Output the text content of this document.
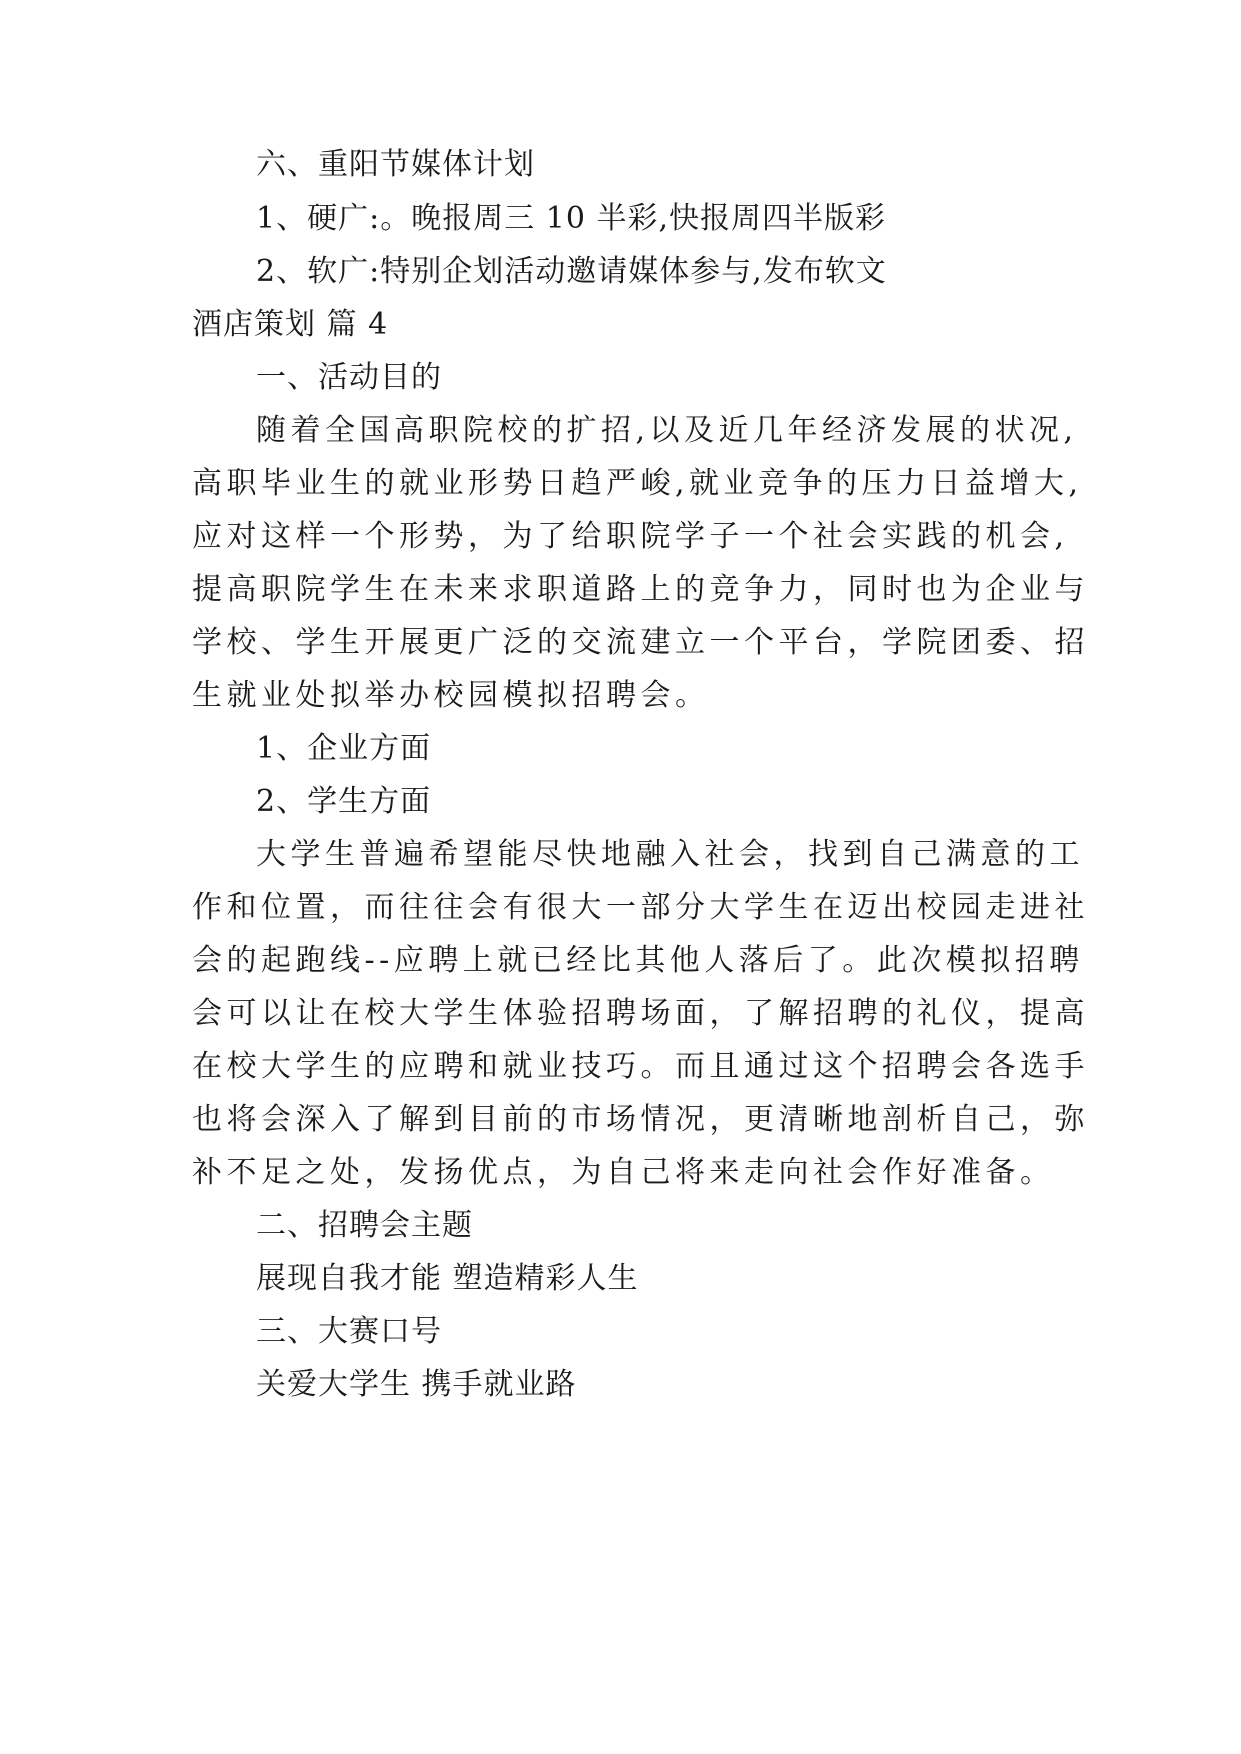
六、重阳节媒体计划
1、硬广:。晚报周三 10 半彩,快报周四半版彩
2、软广:特别企划活动邀请媒体参与,发布软文
酒店策划 篇 4
一、活动目的
随着全国高职院校的扩招,以及近几年经济发展的状况,
高职毕业生的就业形势日趋严峻,就业竞争的压力日益增大,
应对这样一个形势，为了给职院学子一个社会实践的机会,
提高职院学生在未来求职道路上的竞争力，同时也为企业与
学校、学生开展更广泛的交流建立一个平台，学院团委、招
生就业处拟举办校园模拟招聘会。
1、企业方面
2、学生方面
大学生普遍希望能尽快地融入社会，找到自己满意的工
作和位置，而往往会有很大一部分大学生在迈出校园走进社
会的起跑线--应聘上就已经比其他人落后了。此次模拟招聘
会可以让在校大学生体验招聘场面，了解招聘的礼仪，提高
在校大学生的应聘和就业技巧。而且通过这个招聘会各选手
也将会深入了解到目前的市场情况，更清晰地剖析自己，弥
补不足之处，发扬优点，为自己将来走向社会作好准备。
二、招聘会主题
展现自我才能 塑造精彩人生
三、大赛口号
关爱大学生 携手就业路
